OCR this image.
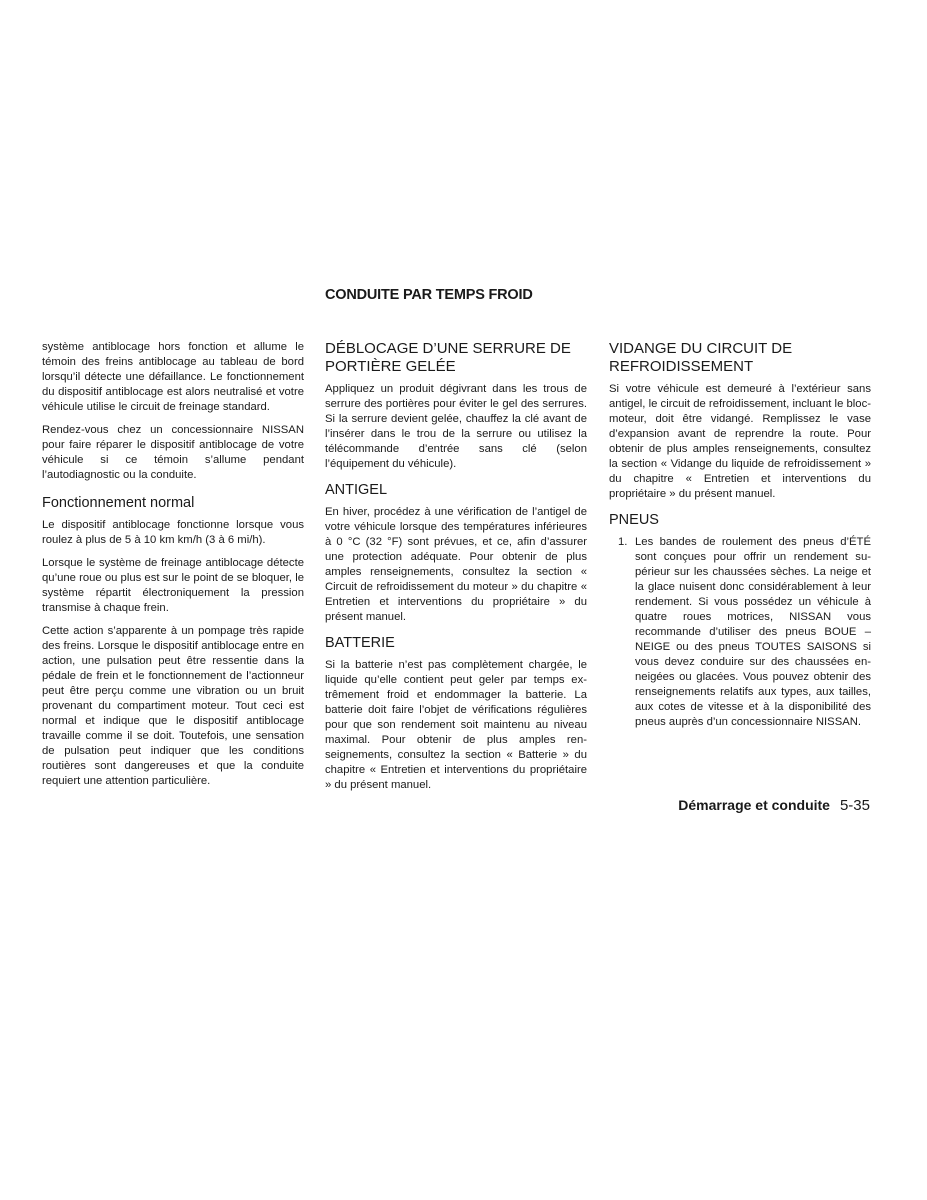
CONDUITE PAR TEMPS FROID

système antiblocage hors fonction et allume le témoin des freins antiblocage au tableau de bord lorsqu’il détecte une défaillance. Le fonctionnement du dispositif antiblocage est alors neutralisé et votre véhicule utilise le circuit de freinage standard.

Rendez-vous chez un concessionnaire NISSAN pour faire réparer le dispositif antiblocage de votre véhicule si ce témoin s’allume pendant l’autodiagnostic ou la conduite.

Fonctionnement normal

Le dispositif antiblocage fonctionne lorsque vous roulez à plus de 5 à 10 km km/h (3 à 6 mi/h).

Lorsque le système de freinage antiblocage détecte qu’une roue ou plus est sur le point de se bloquer, le système répartit électroniquement la pression transmise à chaque frein.

Cette action s’apparente à un pompage très rapide des freins. Lorsque le dispositif antiblocage entre en action, une pulsation peut être ressentie dans la pédale de frein et le fonctionnement de l’actionneur peut être perçu comme une vibration ou un bruit provenant du compartiment moteur. Tout ceci est normal et indique que le dispositif antiblocage travaille comme il se doit. Toutefois, une sensation de pulsation peut indiquer que les conditions routières sont dangereuses et que la conduite requiert une attention particulière.

DÉBLOCAGE D’UNE SERRURE DE PORTIÈRE GELÉE

Appliquez un produit dégivrant dans les trous de serrure des portières pour éviter le gel des serrures. Si la serrure devient gelée, chauffez la clé avant de l’insérer dans le trou de la serrure ou utilisez la télécommande d’entrée sans clé (selon l’équipement du véhicule).

ANTIGEL

En hiver, procédez à une vérification de l’antigel de votre véhicule lorsque des températures inférieures à 0 °C (32 °F) sont prévues, et ce, afin d’assurer une protection adéquate. Pour obtenir de plus amples renseignements, consultez la section « Circuit de refroidissement du moteur » du chapitre « Entretien et interventions du propriétaire » du présent manuel.

BATTERIE

Si la batterie n’est pas complètement chargée, le liquide qu’elle contient peut geler par temps extrêmement froid et endommager la batterie. La batterie doit faire l’objet de vérifications régulières pour que son rendement soit maintenu au niveau maximal. Pour obtenir de plus amples renseignements, consultez la section « Batterie » du chapitre « Entretien et interventions du propriétaire » du présent manuel.

VIDANGE DU CIRCUIT DE REFROIDISSEMENT

Si votre véhicule est demeuré à l’extérieur sans antigel, le circuit de refroidissement, incluant le bloc-moteur, doit être vidangé. Remplissez le vase d’expansion avant de reprendre la route. Pour obtenir de plus amples renseignements, consultez la section « Vidange du liquide de refroidissement » du chapitre « Entretien et interventions du propriétaire » du présent manuel.

PNEUS
1. Les bandes de roulement des pneus d’ÉTÉ sont conçues pour offrir un rendement supérieur sur les chaussées sèches. La neige et la glace nuisent donc considérablement à leur rendement. Si vous possédez un véhicule à quatre roues motrices, NISSAN vous recommande d’utiliser des pneus BOUE – NEIGE ou des pneus TOUTES SAISONS si vous devez conduire sur des chaussées enneigées ou glacées. Vous pouvez obtenir des renseignements relatifs aux types, aux tailles, aux cotes de vitesse et à la disponibilité des pneus auprès d’un concessionnaire NISSAN.
Démarrage et conduite 5-35
